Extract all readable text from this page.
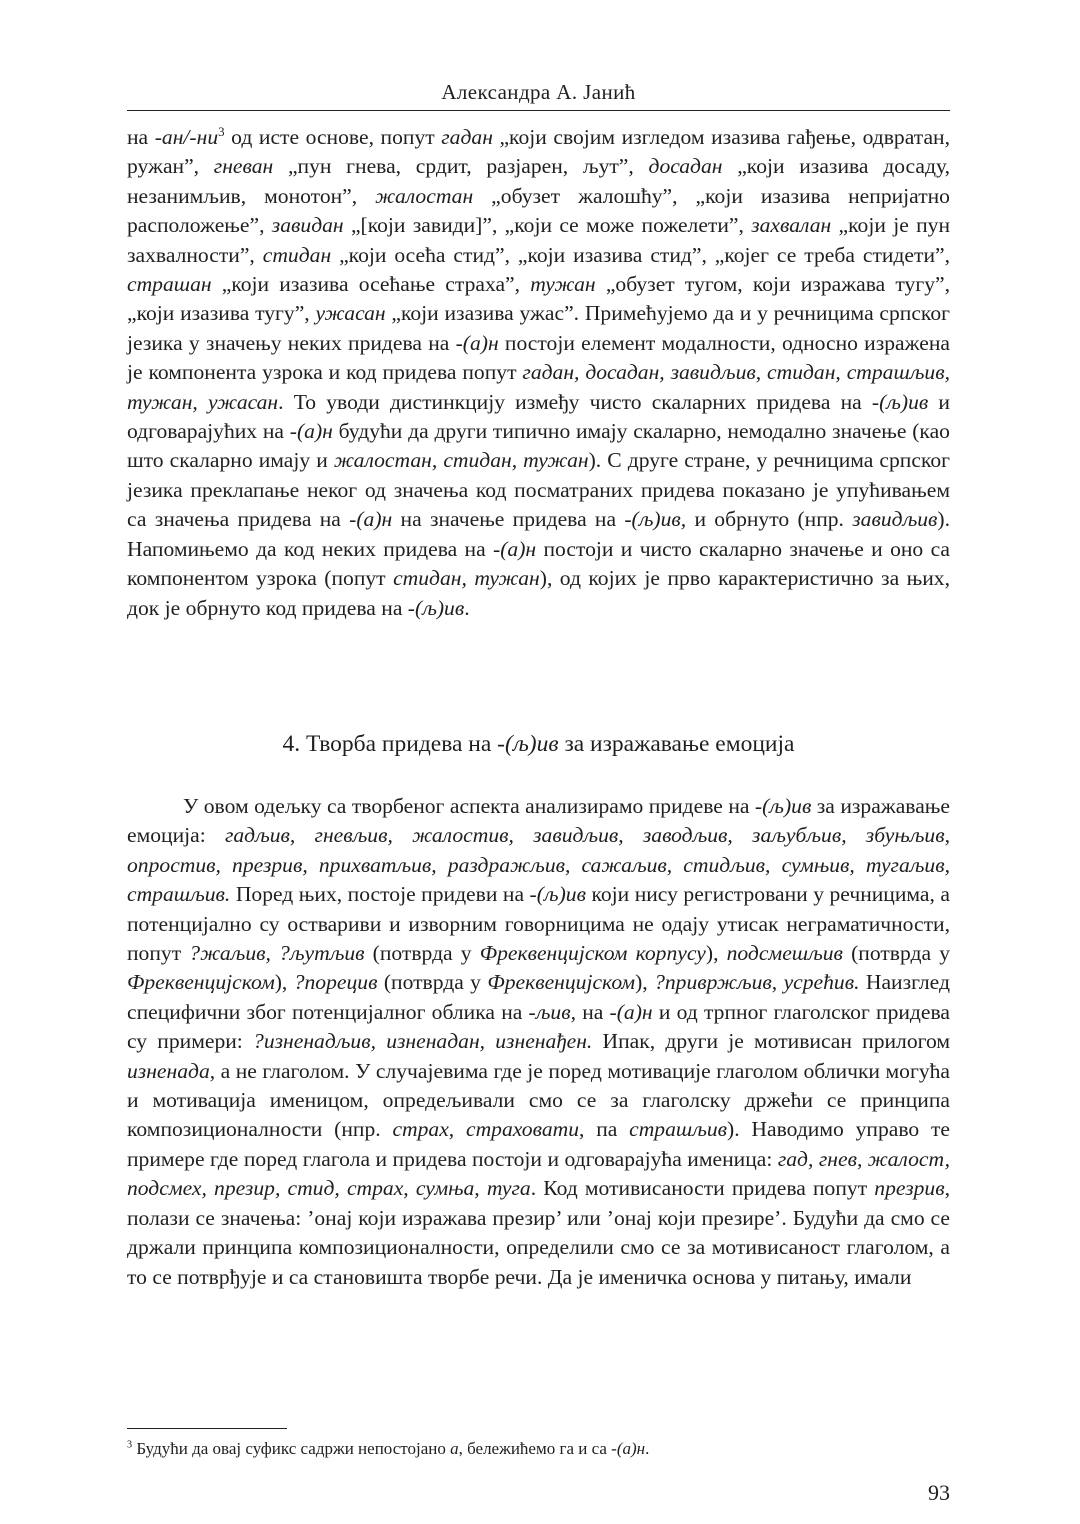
Александра А. Јанић

на $-ан/-ни^3$ од исте основе, попут гадан „који својим изгледом изазива гађење, одвратан, ружан”, гневан „пун гнева, срдит, разјарен, љут”, досадан „који изазива досаду, незанимљив, монотон”, жалостан „обузет жалошћу”, „који изазива непријатно расположење”, завидан „[који завиди]”, „који се може пожелети”, захвалан „који је пун захвалности”, стидан „који осећа стид”, „који изазива стид”, „којег се треба стидети”, страшан „који изазива осећање страха”, тужан „обузет тугом, који изражава тугу”, „који изазива тугу”, ужасан „који изазива ужас”. Примећујемо да и у речницима српског језика у значењу неких придева на -(а)н постоји елемент модалности, односно изражена је компонента узрока и код придева попут гадан, досадан, завидљив, стидан, страшљив, тужан, ужасан. То уводи дистинкцију између чисто скаларних придева на -(љ)ив и одговарајућих на -(а)н будући да други типично имају скаларно, немодално значење (као што скаларно имају и жалостан, стидан, тужан). С друге стране, у речницима српског језика преклапање неког од значења код посматраних придева показано је упућивањем са значења придева на -(а)н на значење придева на -(љ)ив, и обрнуто (нпр. завидљив). Напомињемо да код неких придева на -(а)н постоји и чисто скаларно значење и оно са компонентом узрока (попут стидан, тужан), од којих је прво карактеристично за њих, док је обрнуто код придева на -(љ)ив.

4. Творба придева на -(љ)ив за изражавање емоција

У овом одељку са творбеног аспекта анализирамо придеве на -(љ)ив за изражавање емоција: гадљив, гневљив, жалостив, завидљив, заводљив, заљубљив, збуњљив, опростив, презрив, прихватљив, раздражљив, сажаљив, стидљив, сумњив, тугаљив, страшљив. Поред њих, постоје придеви на -(љ)ив који нису регистровани у речницима, а потенцијално су оствариви и изворним говорницима не одају утисак неграматичности, попут ?жаљив, ?љутљив (потврда у Фреквенцијском корпусу), подсмешљив (потврда у Фреквенцијском), ?порецив (потврда у Фреквенцијском), ?привржљив, усрећив. Наизглед специфични због потенцијалног облика на -љив, на -(а)н и од трпног глаголског придева су примери: ?изненадљив, изненадан, изненађен. Ипак, други је мотивисан прилогом изненада, а не глаголом. У случајевима где је поред мотивације глаголом облички могућа и мотивација именицом, опредељивали смо се за глаголску држећи се принципа композиционалности (нпр. страх, страховати, па страшљив). Наводимо управо те примере где поред глагола и придева постоји и одговарајућа именица: гад, гнев, жалост, подсмех, презир, стид, страх, сумња, туга. Код мотивисаности придева попут презрив, полази се значења: ’онај који изражава презир’ или ’онај који презире’. Будући да смо се држали принципа композиционалности, определили смо се за мотивисаност глаголом, а то се потврђује и са становишта творбе речи. Да је именичка основа у питању, имали

$^3$ Будући да овај суфикс садржи непостојано а, бележићемо га и са -(а)н.
93
